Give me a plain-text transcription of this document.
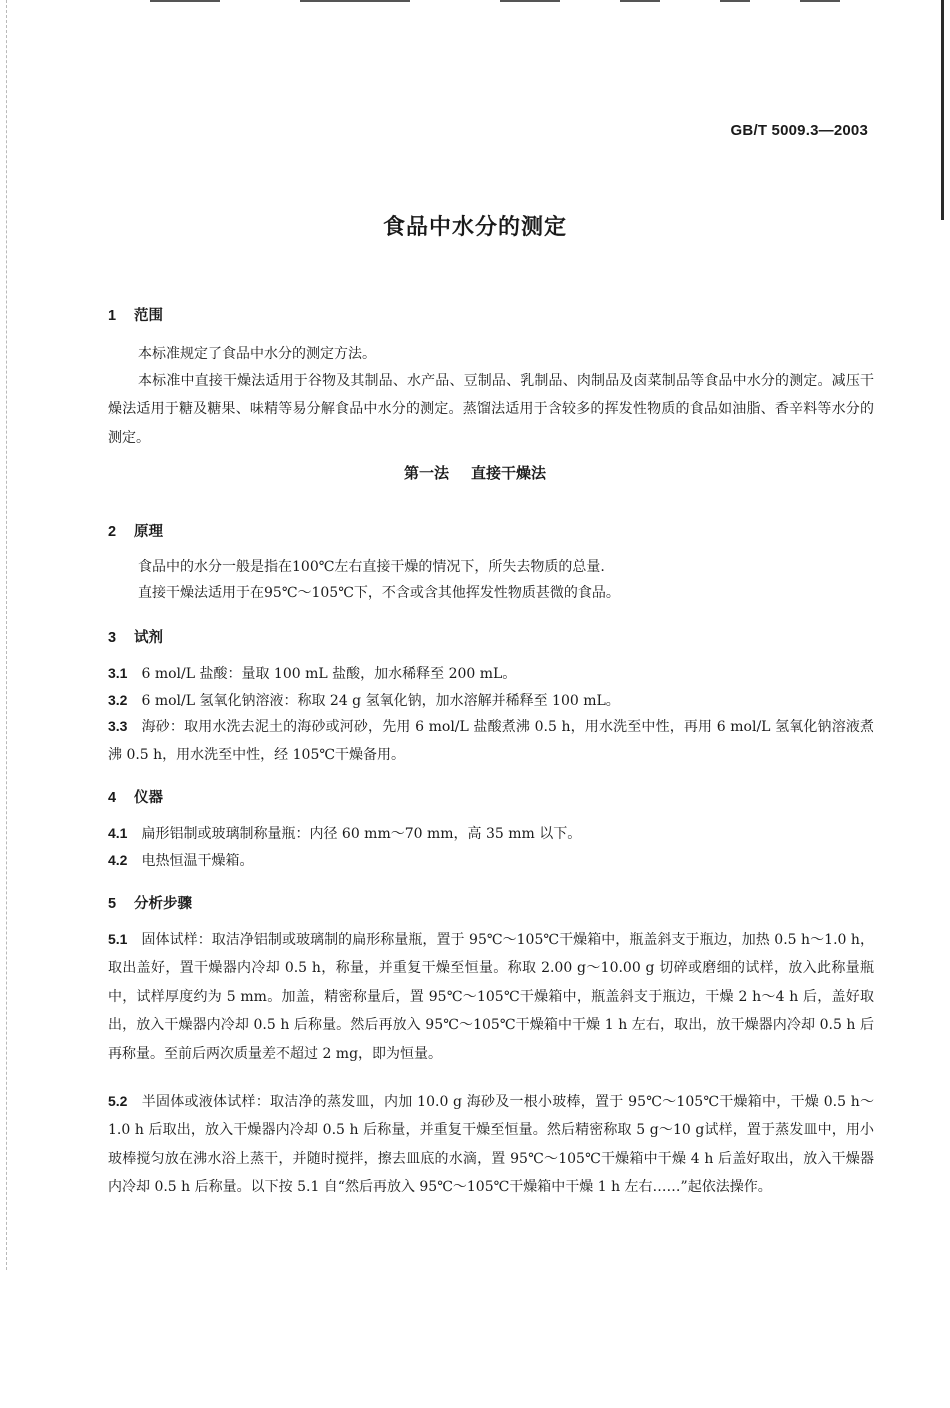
GB/T 5009.3—2003
食品中水分的测定
1 范围
本标准规定了食品中水分的测定方法。
本标准中直接干燥法适用于谷物及其制品、水产品、豆制品、乳制品、肉制品及卤菜制品等食品中水分的测定。减压干燥法适用于糖及糖果、味精等易分解食品中水分的测定。蒸馏法适用于含较多的挥发性物质的食品如油脂、香辛料等水分的测定。
第一法 直接干燥法
2 原理
食品中的水分一般是指在100℃左右直接干燥的情况下，所失去物质的总量.
直接干燥法适用于在95℃～105℃下，不含或含其他挥发性物质甚微的食品。
3 试剂
3.1 6 mol/L 盐酸：量取 100 mL 盐酸，加水稀释至 200 mL。
3.2 6 mol/L 氢氧化钠溶液：称取 24 g 氢氧化钠，加水溶解并稀释至 100 mL。
3.3 海砂：取用水洗去泥土的海砂或河砂，先用 6 mol/L 盐酸煮沸 0.5 h，用水洗至中性，再用 6 mol/L 氢氧化钠溶液煮沸 0.5 h，用水洗至中性，经 105℃干燥备用。
4 仪器
4.1 扁形铝制或玻璃制称量瓶：内径 60 mm～70 mm，高 35 mm 以下。
4.2 电热恒温干燥箱。
5 分析步骤
5.1 固体试样：取洁净铝制或玻璃制的扁形称量瓶，置于 95℃～105℃干燥箱中，瓶盖斜支于瓶边，加热 0.5 h～1.0 h，取出盖好，置干燥器内冷却 0.5 h，称量，并重复干燥至恒量。称取 2.00 g～10.00 g 切碎或磨细的试样，放入此称量瓶中，试样厚度约为 5 mm。加盖，精密称量后，置 95℃～105℃干燥箱中，瓶盖斜支于瓶边，干燥 2 h～4 h 后，盖好取出，放入干燥器内冷却 0.5 h 后称量。然后再放入 95℃～105℃干燥箱中干燥 1 h 左右，取出，放干燥器内冷却 0.5 h 后再称量。至前后两次质量差不超过 2 mg，即为恒量。
5.2 半固体或液体试样：取洁净的蒸发皿，内加 10.0 g 海砂及一根小玻棒，置于 95℃～105℃干燥箱中，干燥 0.5 h～1.0 h 后取出，放入干燥器内冷却 0.5 h 后称量，并重复干燥至恒量。然后精密称取 5 g～10 g试样，置于蒸发皿中，用小玻棒搅匀放在沸水浴上蒸干，并随时搅拌，擦去皿底的水滴，置 95℃～105℃干燥箱中干燥 4 h 后盖好取出，放入干燥器内冷却 0.5 h 后称量。以下按 5.1 自“然后再放入 95℃～105℃干燥箱中干燥 1 h 左右……”起依法操作。
